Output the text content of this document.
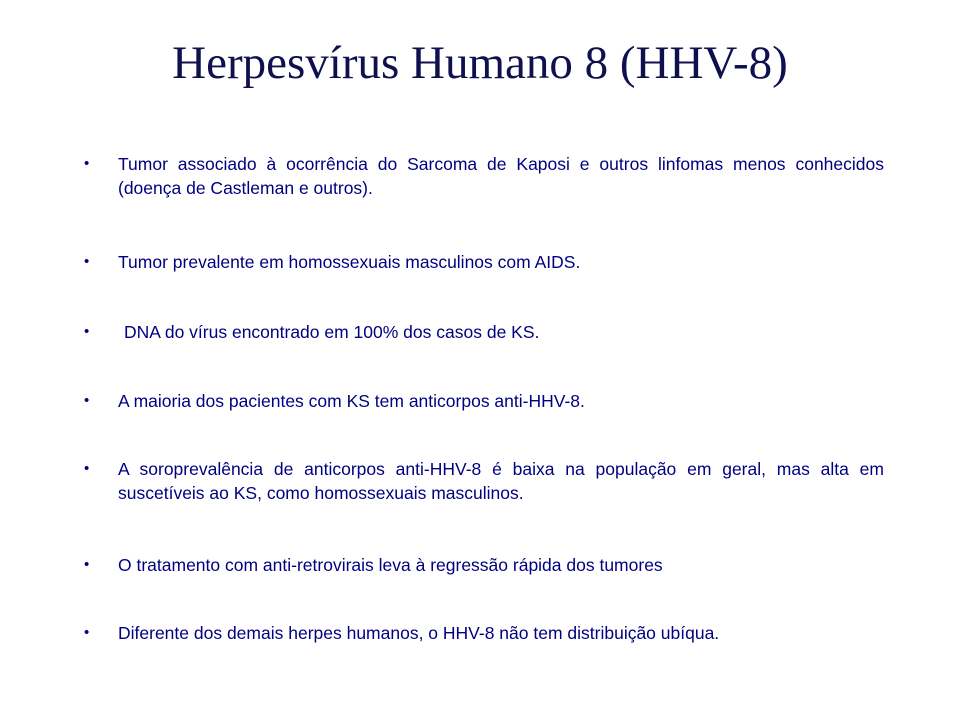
Herpesvírus Humano 8 (HHV-8)
•	Tumor associado à ocorrência do Sarcoma de Kaposi e outros linfomas menos conhecidos (doença de Castleman e outros).
•	Tumor prevalente em homossexuais masculinos com AIDS.
•	DNA do vírus encontrado em 100% dos casos de KS.
•	A maioria dos pacientes com KS tem anticorpos anti-HHV-8.
•	A soroprevalência de anticorpos anti-HHV-8 é baixa na população em geral, mas alta em suscetíveis ao KS, como homossexuais masculinos.
•	O tratamento com anti-retrovirais leva à regressão rápida dos tumores
•	Diferente dos demais herpes humanos, o HHV-8 não tem distribuição ubíqua.
